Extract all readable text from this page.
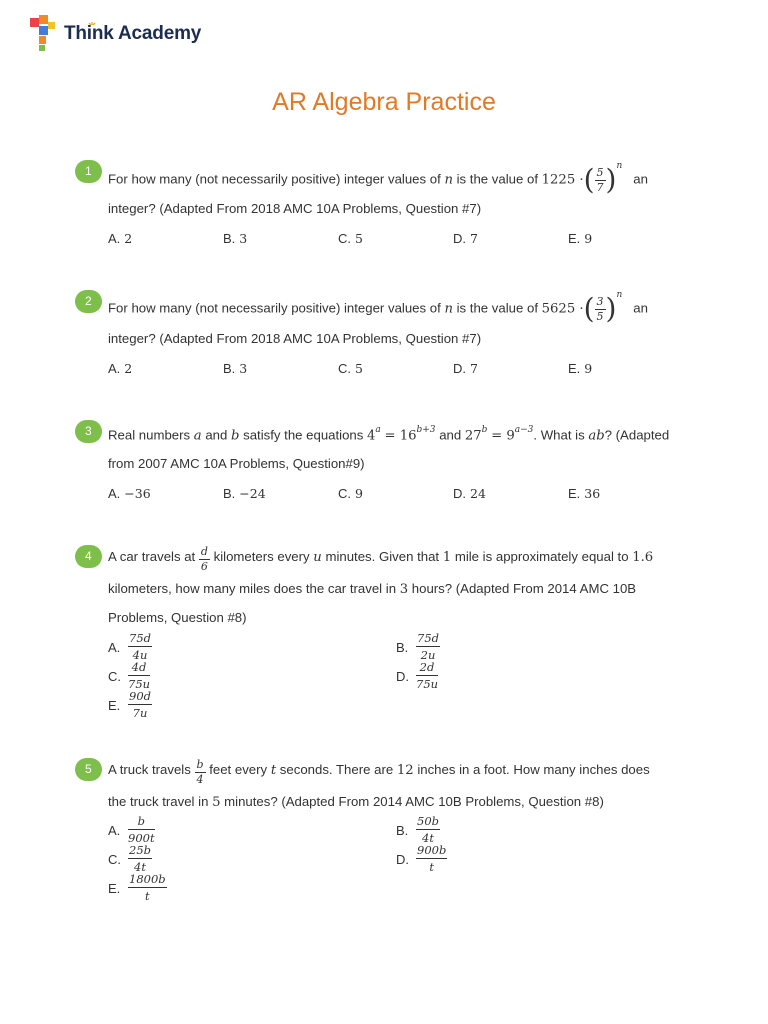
Think Academy
AR Algebra Practice
1
For how many (not necessarily positive) integer values of n is the value of 1225 ·( $\frac{5}{7} )^n$   an
integer? (Adapted From 2018 AMC 10A Problems, Question #7)
A. 2	B. 3	C. 5	D. 7	E. 9
2	For how many (not necessarily positive) integer values of n is the value of 5625 ·( $\frac{3}{5} )^n$   an
integer? (Adapted From 2018 AMC 10A Problems, Question #7)
A. 2	B. 3	C. 5	D. 7	E. 9
3	Real numbers a and b satisfy the equations $4^a = 16^{b+3}$ and $27^b = 9^{a-3}$. What is ab? (Adapted
from 2007 AMC 10A Problems, Question#9)
A. −36	B. −24	C. 9	D. 24	E. 36
4	A car travels at $\frac{d}{6}$ kilometers every u minutes. Given that 1 mile is approximately equal to 1.6
kilometers, how many miles does the car travel in 3 hours? (Adapted From 2014 AMC 10B
Problems, Question #8)
A.
75d
4u	B.
75d
2u
C.
4d
75u	D.
2d
75u
E.
90d
7u
5	A truck travels $\frac{b}{4}$ feet every t seconds. There are 12 inches in a foot. How many inches does
the truck travel in 5 minutes? (Adapted From 2014 AMC 10B Problems, Question #8)
A.
b
900t	B.
50b
4t
C.
25b
4t	D.
900b
t
E.
1800b
t
